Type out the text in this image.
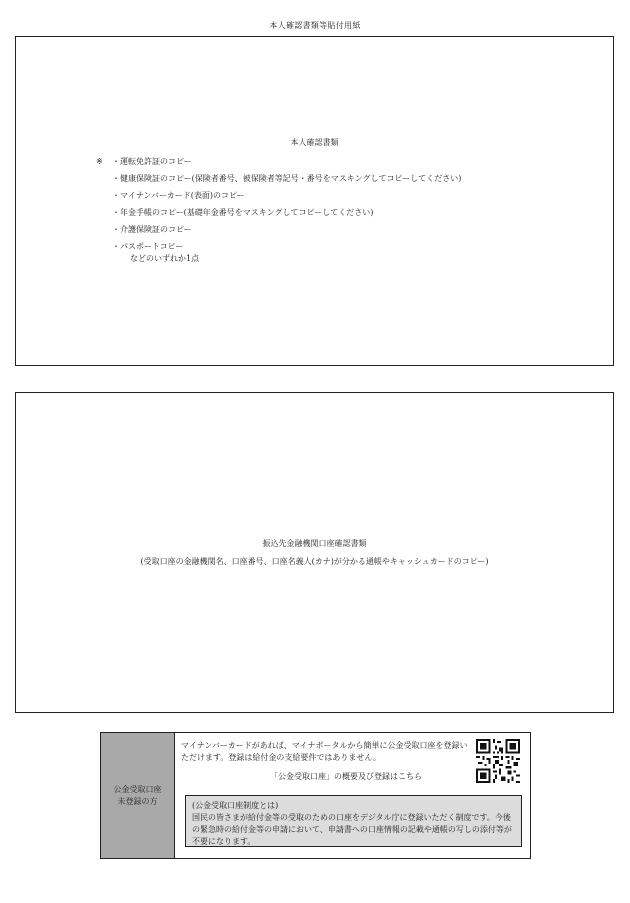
本人確認書類等貼付用紙
本人確認書類
※ ・運転免許証のコピー
・健康保険証のコピー(保険者番号、被保険者等記号・番号をマスキングしてコピーしてください)
・マイナンバーカード(表面)のコピー
・年金手帳のコピー(基礎年金番号をマスキングしてコピーしてください)
・介護保険証のコピー
・パスポートコピー
などのいずれか1点
振込先金融機関口座確認書類
(受取口座の金融機関名、口座番号、口座名義人(カナ)が分かる通帳やキャッシュカードのコピー)
公金受取口座
未登録の方
マイナンバーカードがあれば、マイナポータルから簡単に公金受取口座を登録いただけます。登録は給付金の支給要件ではありません。
「公金受取口座」の概要及び登録はこちら
(公金受取口座制度とは)
国民の皆さまが給付金等の受取のための口座をデジタル庁に登録いただく制度です。今後の緊急時の給付金等の申請において、申請書への口座情報の記載や通帳の写しの添付等が不要になります。
